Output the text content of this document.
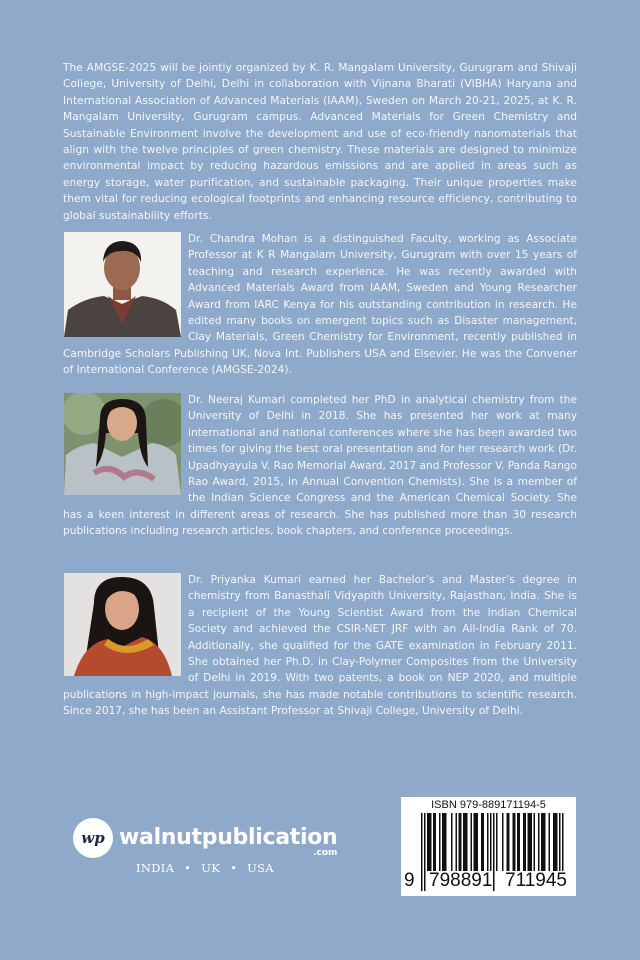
The AMGSE-2025 will be jointly organized by K. R. Mangalam University, Gurugram and Shivaji College, University of Delhi, Delhi in collaboration with Vijnana Bharati (VIBHA) Haryana and International Association of Advanced Materials (IAAM), Sweden on March 20-21, 2025, at K. R. Mangalam University, Gurugram campus. Advanced Materials for Green Chemistry and Sustainable Environment involve the development and use of eco-friendly nanomaterials that align with the twelve principles of green chemistry. These materials are designed to minimize environmental impact by reducing hazardous emissions and are applied in areas such as energy storage, water purification, and sustainable packaging. Their unique properties make them vital for reducing ecological footprints and enhancing resource efficiency, contributing to global sustainability efforts.

Dr. Chandra Mohan is a distinguished Faculty, working as Associate Professor at K R Mangalam University, Gurugram with over 15 years of teaching and research experience. He was recently awarded with Advanced Materials Award from IAAM, Sweden and Young Researcher Award from IARC Kenya for his outstanding contribution in research. He edited many books on emergent topics such as Disaster management, Clay Materials, Green Chemistry for Environment, recently published in Cambridge Scholars Publishing UK, Nova Int. Publishers USA and Elsevier. He was the Convener of International Conference (AMGSE-2024).

Dr. Neeraj Kumari completed her PhD in analytical chemistry from the University of Delhi in 2018. She has presented her work at many international and national conferences where she has been awarded two times for giving the best oral presentation and for her research work (Dr. Upadhyayula V. Rao Memorial Award, 2017 and Professor V. Panda Rango Rao Award, 2015, in Annual Convention Chemists). She is a member of the Indian Science Congress and the American Chemical Society. She has a keen interest in different areas of research. She has published more than 30 research publications including research articles, book chapters, and conference proceedings.

Dr. Priyanka Kumari earned her Bachelor’s and Master’s degree in chemistry from Banasthali Vidyapith University, Rajasthan, India. She is a recipient of the Young Scientist Award from the Indian Chemical Society and achieved the CSIR-NET JRF with an All-India Rank of 70. Additionally, she qualified for the GATE examination in February 2011. She obtained her Ph.D. in Clay-Polymer Composites from the University of Delhi in 2019. With two patents, a book on NEP 2020, and multiple publications in high-impact journals, she has made notable contributions to scientific research. Since 2017, she has been an Assistant Professor at Shivaji College, University of Delhi.

wp walnutpublication
.com
INDIA • UK • USA
ISBN 979-889171194-5
9 798891 711945
